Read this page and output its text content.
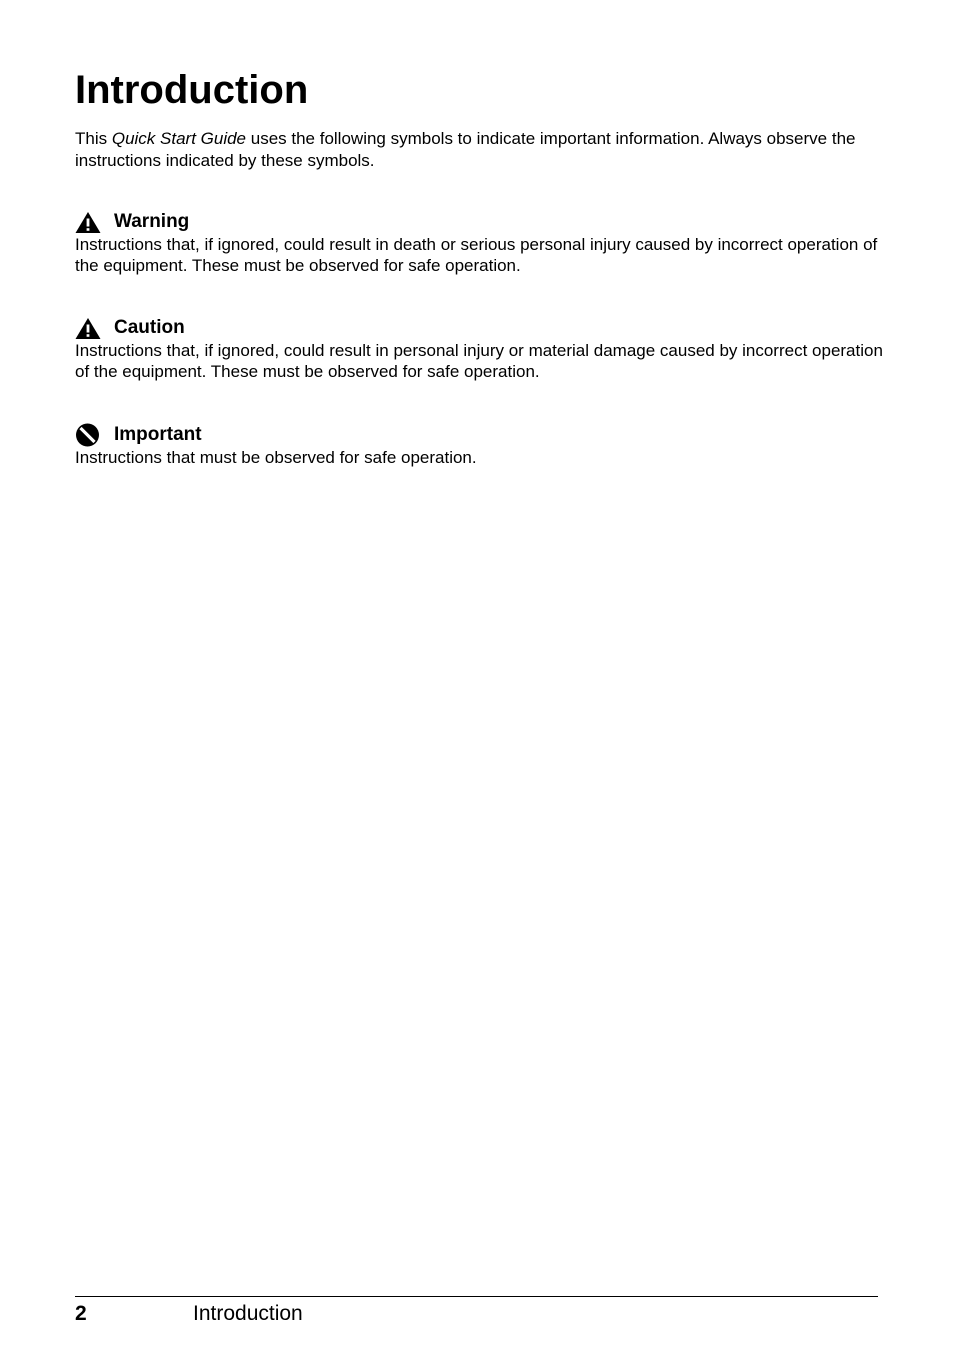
Introduction

This Quick Start Guide uses the following symbols to indicate important information. Always observe the instructions indicated by these symbols.

Warning

Instructions that, if ignored, could result in death or serious personal injury caused by incorrect operation of the equipment. These must be observed for safe operation.

Caution

Instructions that, if ignored, could result in personal injury or material damage caused by incorrect operation of the equipment. These must be observed for safe operation.

Important

Instructions that must be observed for safe operation.

2	Introduction
